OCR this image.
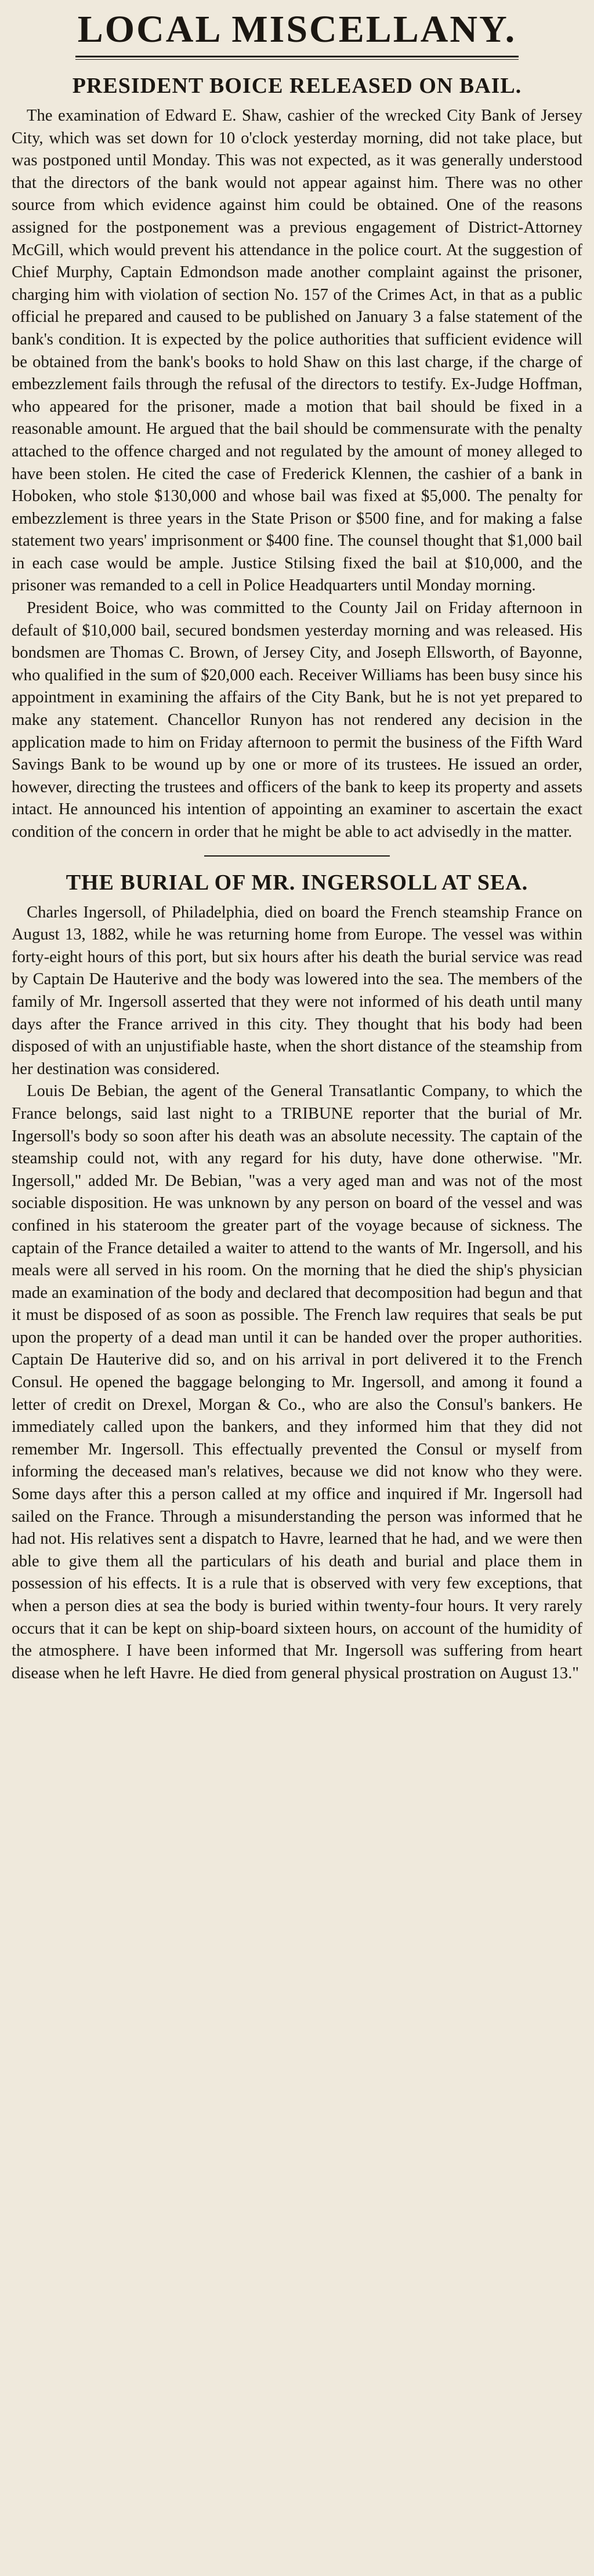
LOCAL MISCELLANY.
PRESIDENT BOICE RELEASED ON BAIL.

The examination of Edward E. Shaw, cashier of the wrecked City Bank of Jersey City, which was set down for 10 o'clock yesterday morning, did not take place, but was postponed until Monday. This was not expected, as it was generally understood that the directors of the bank would not appear against him. There was no other source from which evidence against him could be obtained. One of the reasons assigned for the postponement was a previous engagement of District-Attorney McGill, which would prevent his attendance in the police court. At the suggestion of Chief Murphy, Captain Edmondson made another complaint against the prisoner, charging him with violation of section No. 157 of the Crimes Act, in that as a public official he prepared and caused to be published on January 3 a false statement of the bank's condition. It is expected by the police authorities that sufficient evidence will be obtained from the bank's books to hold Shaw on this last charge, if the charge of embezzlement fails through the refusal of the directors to testify. Ex-Judge Hoffman, who appeared for the prisoner, made a motion that bail should be fixed in a reasonable amount. He argued that the bail should be commensurate with the penalty attached to the offence charged and not regulated by the amount of money alleged to have been stolen. He cited the case of Frederick Klennen, the cashier of a bank in Hoboken, who stole $130,000 and whose bail was fixed at $5,000. The penalty for embezzlement is three years in the State Prison or $500 fine, and for making a false statement two years' imprisonment or $400 fine. The counsel thought that $1,000 bail in each case would be ample. Justice Stilsing fixed the bail at $10,000, and the prisoner was remanded to a cell in Police Headquarters until Monday morning.

President Boice, who was committed to the County Jail on Friday afternoon in default of $10,000 bail, secured bondsmen yesterday morning and was released. His bondsmen are Thomas C. Brown, of Jersey City, and Joseph Ellsworth, of Bayonne, who qualified in the sum of $20,000 each. Receiver Williams has been busy since his appointment in examining the affairs of the City Bank, but he is not yet prepared to make any statement. Chancellor Runyon has not rendered any decision in the application made to him on Friday afternoon to permit the business of the Fifth Ward Savings Bank to be wound up by one or more of its trustees. He issued an order, however, directing the trustees and officers of the bank to keep its property and assets intact. He announced his intention of appointing an examiner to ascertain the exact condition of the concern in order that he might be able to act advisedly in the matter.

THE BURIAL OF MR. INGERSOLL AT SEA.

Charles Ingersoll, of Philadelphia, died on board the French steamship France on August 13, 1882, while he was returning home from Europe. The vessel was within forty-eight hours of this port, but six hours after his death the burial service was read by Captain De Hauterive and the body was lowered into the sea. The members of the family of Mr. Ingersoll asserted that they were not informed of his death until many days after the France arrived in this city. They thought that his body had been disposed of with an unjustifiable haste, when the short distance of the steamship from her destination was considered.

Louis De Bebian, the agent of the General Transatlantic Company, to which the France belongs, said last night to a TRIBUNE reporter that the burial of Mr. Ingersoll's body so soon after his death was an absolute necessity. The captain of the steamship could not, with any regard for his duty, have done otherwise. "Mr. Ingersoll," added Mr. De Bebian, "was a very aged man and was not of the most sociable disposition. He was unknown by any person on board of the vessel and was confined in his stateroom the greater part of the voyage because of sickness. The captain of the France detailed a waiter to attend to the wants of Mr. Ingersoll, and his meals were all served in his room. On the morning that he died the ship's physician made an examination of the body and declared that decomposition had begun and that it must be disposed of as soon as possible. The French law requires that seals be put upon the property of a dead man until it can be handed over the proper authorities. Captain De Hauterive did so, and on his arrival in port delivered it to the French Consul. He opened the baggage belonging to Mr. Ingersoll, and among it found a letter of credit on Drexel, Morgan & Co., who are also the Consul's bankers. He immediately called upon the bankers, and they informed him that they did not remember Mr. Ingersoll. This effectually prevented the Consul or myself from informing the deceased man's relatives, because we did not know who they were. Some days after this a person called at my office and inquired if Mr. Ingersoll had sailed on the France. Through a misunderstanding the person was informed that he had not. His relatives sent a dispatch to Havre, learned that he had, and we were then able to give them all the particulars of his death and burial and place them in possession of his effects. It is a rule that is observed with very few exceptions, that when a person dies at sea the body is buried within twenty-four hours. It very rarely occurs that it can be kept on ship-board sixteen hours, on account of the humidity of the atmosphere. I have been informed that Mr. Ingersoll was suffering from heart disease when he left Havre. He died from general physical prostration on August 13."
